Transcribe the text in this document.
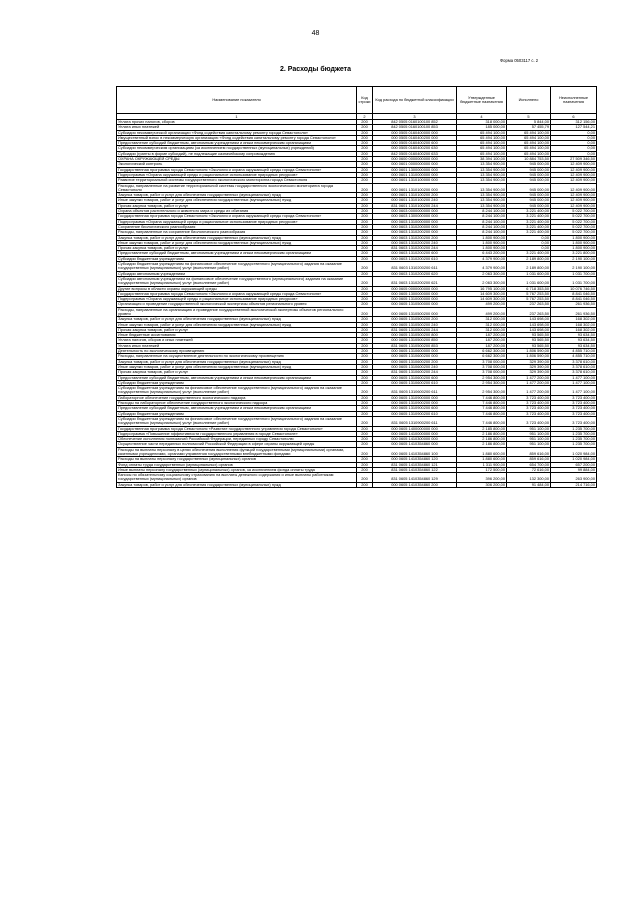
48
Форма 0503117 с. 2
2. Расходы бюджета
Наименование показателя	Код строки	Код расхода по бюджетной классификации	Утвержденные бюджетные назначения	Исполнено	Неисполненные назначения
1	2	3	4	5	6
Уплата прочих налогов, сборов	200	842 0505 0160100100 852	318 000,00	5 844,00	312 156,00
Уплата иных платежей	200	842 0505 0160100100 853	185 000,00	57 455,79	127 544,21
Субсидия некоммерческой организации «Фонд содействия капитальному ремонту города Севастополя»	200	000 0505 0160400000 000	65 494 100,00	65 494 100,00	0,00
Имущественный взнос в некоммерческую организацию «Фонд содействия капитальному ремонту города Севастополя»	200	000 0505 0160400200 000	65 494 100,00	65 494 100,00	0,00
Предоставление субсидий бюджетным, автономным учреждениям и иным некоммерческим организациям	200	000 0505 0160400200 600	65 494 100,00	65 494 100,00	0,00
Субсидии некоммерческим организациям (за исключением государственных (муниципальных) учреждений)	200	000 0505 0160400200 630	65 494 100,00	65 494 100,00	0,00
Субсидии (гранты в форме субсидий), не подлежащие казначейскому сопровождению	200	842 0505 0160400200 633	65 494 100,00	65 494 100,00	0,00
ОХРАНА ОКРУЖАЮЩЕЙ СРЕДЫ	200	000 0600 0000000000 000	38 394 100,00	10 884 753,50	27 509 346,50
Экологический контроль	200	000 0601 0000000000 000	13 354 900,00	945 000,00	12 409 900,00
Государственная программа города Севастополя «Экология и охрана окружающей среды города Севастополя»	200	000 0601 1300000000 000	13 354 900,00	945 000,00	12 409 900,00
Подпрограмма «Охрана окружающей среды и рациональное использование природных ресурсов»	200	000 0601 1310000000 000	13 354 900,00	945 000,00	12 409 900,00
Развитие территориальной системы государственного экологического мониторинга города Севастополя	200	000 0601 1310100000 000	13 354 900,00	945 000,00	12 409 900,00
Расходы, направленные на развитие территориальной системы государственного экологического мониторинга города Севастополя	200	000 0601 1310100200 000	13 354 900,00	945 000,00	12 409 900,00
Закупка товаров, работ и услуг для обеспечения государственных (муниципальных) нужд	200	000 0601 1310100200 200	13 354 900,00	945 000,00	12 409 900,00
Иные закупки товаров, работ и услуг для обеспечения государственных (муниципальных) нужд	200	000 0601 1310100200 240	13 354 900,00	945 000,00	12 409 900,00
Прочая закупка товаров, работ и услуг	200	831 0601 1310100200 244	13 354 900,00	945 000,00	12 409 900,00
Охрана объектов растительного и животного мира и среды их обитания	200	000 0603 0000000000 000	8 244 100,00	3 221 400,00	5 022 700,00
Государственная программа города Севастополя «Экология и охрана окружающей среды города Севастополя»	200	000 0603 1300000000 000	8 244 100,00	3 221 400,00	5 022 700,00
Подпрограмма «Охрана окружающей среды и рациональное использование природных ресурсов»	200	000 0603 1310000000 000	8 244 100,00	3 221 400,00	5 022 700,00
Сохранение биологического разнообразия	200	000 0603 1310200000 000	8 244 100,00	3 221 400,00	5 022 700,00
Расходы, направленные на сохранение биологического разнообразия	200	000 0603 1310200200 000	8 244 100,00	3 221 400,00	5 022 700,00
Закупка товаров, работ и услуг для обеспечения государственных (муниципальных) нужд	200	000 0603 1310200200 200	1 800 900,00	0,00	1 800 900,00
Иные закупки товаров, работ и услуг для обеспечения государственных (муниципальных) нужд	200	000 0603 1310200200 240	1 800 900,00	0,00	1 800 900,00
Прочая закупка товаров, работ и услуг	200	831 0603 1310200200 244	1 800 900,00	0,00	1 800 900,00
Предоставление субсидий бюджетным, автономным учреждениям и иным некоммерческим организациям	200	000 0603 1310200200 600	6 443 200,00	3 221 400,00	3 221 800,00
Субсидии бюджетным учреждениям	200	000 0603 1310200200 610	4 379 900,00	2 189 800,00	2 190 100,00
Субсидии бюджетным учреждениям на финансовое обеспечение государственного (муниципального) задания на оказание государственных (муниципальных) услуг (выполнение работ)	200	831 0603 1310200200 611	4 379 900,00	2 189 800,00	2 190 100,00
Субсидии автономным учреждениям	200	000 0603 1310200200 620	2 063 300,00	1 031 600,00	1 031 700,00
Субсидии автономным учреждениям на финансовое обеспечение государственного (муниципального) задания на оказание государственных (муниципальных) услуг (выполнение работ)	200	831 0603 1310200200 621	2 063 300,00	1 031 600,00	1 031 700,00
Другие вопросы в области охраны окружающей среды	200	000 0605 0000000000 000	16 795 100,00	6 718 353,50	10 076 746,50
Государственная программа города Севастополя «Экология и охрана окружающей среды города Севастополя»	200	000 0605 1300000000 000	14 609 300,00	5 767 253,50	8 841 046,50
Подпрограмма «Охрана окружающей среды и рациональное использование природных ресурсов»	200	000 0605 1310000000 000	14 609 300,00	5 767 253,50	8 841 046,50
Организация и проведение государственной экологической экспертизы объектов регионального уровня	200	000 0605 1310500000 000	499 200,00	237 263,50	261 936,50
Расходы, направленные на организацию и проведение государственной экологической экспертизы объектов регионального уровня	200	000 0605 1310500200 000	499 200,00	237 263,50	261 936,50
Закупка товаров, работ и услуг для обеспечения государственных (муниципальных) нужд	200	000 0605 1310500200 200	312 000,00	143 698,00	168 302,00
Иные закупки товаров, работ и услуг для обеспечения государственных (муниципальных) нужд	200	000 0605 1310500200 240	312 000,00	143 698,00	168 302,00
Прочая закупка товаров, работ и услуг	200	831 0605 1310500200 244	312 000,00	143 698,00	168 302,00
Иные бюджетные ассигнования	200	000 0605 1310500200 800	187 200,00	93 565,50	93 634,50
Уплата налогов, сборов и иных платежей	200	000 0605 1310500200 850	187 200,00	93 565,50	93 634,50
Уплата иных платежей	200	831 0605 1310500200 853	187 200,00	93 565,50	93 634,50
Деятельность по экологическому просвещению	200	000 0605 1310600000 000	6 662 300,00	1 806 590,00	4 855 710,00
Расходы, направленные на осуществление деятельности по экологическому просвещению	200	000 0605 1310600200 000	6 662 300,00	1 806 590,00	4 855 710,00
Закупка товаров, работ и услуг для обеспечения государственных (муниципальных) нужд	200	000 0605 1310600200 200	3 708 000,00	329 390,00	3 378 610,00
Иные закупки товаров, работ и услуг для обеспечения государственных (муниципальных) нужд	200	000 0605 1310600200 240	3 708 000,00	329 390,00	3 378 610,00
Прочая закупка товаров, работ и услуг	200	831 0605 1310600200 244	3 708 000,00	329 390,00	3 378 610,00
Предоставление субсидий бюджетным, автономным учреждениям и иным некоммерческим организациям	200	000 0605 1310600200 600	2 954 300,00	1 477 200,00	1 477 100,00
Субсидии бюджетным учреждениям	200	000 0605 1310600200 610	2 954 300,00	1 477 200,00	1 477 100,00
Субсидии бюджетным учреждениям на финансовое обеспечение государственного (муниципального) задания на оказание государственных (муниципальных) услуг (выполнение работ)	200	831 0605 1310600200 611	2 954 300,00	1 477 200,00	1 477 100,00
Лабораторное обеспечение государственного экологического надзора	200	000 0605 1310900000 000	7 446 800,00	3 723 400,00	3 723 400,00
Расходы на лабораторное обеспечение государственного экологического надзора	200	000 0605 1310900200 000	7 446 800,00	3 723 400,00	3 723 400,00
Предоставление субсидий бюджетным, автономным учреждениям и иным некоммерческим организациям	200	000 0605 1310900200 600	7 446 800,00	3 723 400,00	3 723 400,00
Субсидии бюджетным учреждениям	200	000 0605 1310900200 610	7 446 800,00	3 723 400,00	3 723 400,00
Субсидии бюджетным учреждениям на финансовое обеспечение государственного (муниципального) задания на оказание государственных (муниципальных) услуг (выполнение работ)	200	831 0605 1310900200 611	7 446 800,00	3 723 400,00	3 723 400,00
Государственная программа города Севастополя «Развитие государственного управления города Севастополя»	200	000 0605 1400000000 000	2 185 800,00	951 100,00	1 235 700,00
Подпрограмма «Повышение эффективности государственного управления в городе Севастополе»	200	000 0605 1410000000 000	2 186 800,00	951 100,00	1 235 700,00
Обеспечение исполнения полномочий Российской Федерации, переданных городу Севастополю	200	000 0605 1410300000 000	2 186 800,00	951 100,00	1 235 700,00
Осуществление части переданных полномочий Российской Федерации в сфере охраны окружающей среды	200	000 0605 1410354860 000	2 186 800,00	951 100,00	1 235 700,00
Расходы на выплаты персоналу в целях обеспечения выполнения функций государственными (муниципальными) органами, казенными учреждениями, органами управления государственными внебюджетными фондами	200	000 0605 1410354860 100	1 880 600,00	859 616,00	1 020 984,00
Расходы на выплаты персоналу государственных (муниципальных) органов	200	000 0605 1410354860 120	1 880 600,00	859 616,00	1 020 984,00
Фонд оплаты труда государственных (муниципальных) органов	200	831 0605 1410354860 121	1 311 900,00	654 700,00	657 200,00
Иные выплаты персоналу государственных (муниципальных) органов, за исключением фонда оплаты труда	200	831 0605 1410354860 122	172 500,00	72 616,00	99 884,00
Взносы по обязательному социальному страхованию на выплаты денежного содержания и иные выплаты работникам государственных (муниципальных) органов	200	831 0605 1410354860 129	396 200,00	132 300,00	263 900,00
Закупка товаров, работ и услуг для обеспечения государственных (муниципальных) нужд	200	000 0605 1410354860 200	306 200,00	91 484,00	214 716,00
